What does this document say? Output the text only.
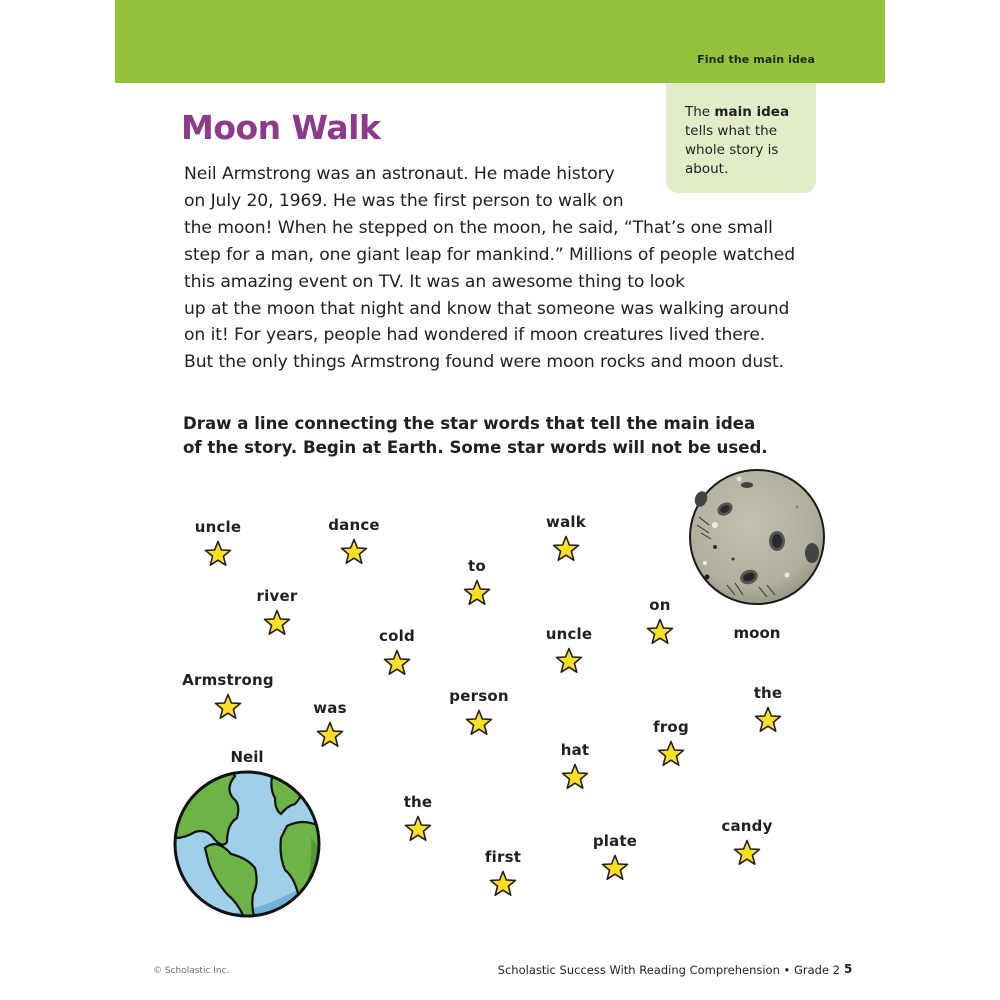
Find the main idea
The main idea
tells what the
whole story is
about.
Moon Walk
Neil Armstrong was an astronaut. He made history
on July 20, 1969. He was the first person to walk on
the moon! When he stepped on the moon, he said, “That’s one small
step for a man, one giant leap for mankind.” Millions of people watched
this amazing event on TV. It was an awesome thing to look
up at the moon that night and know that someone was walking around
on it! For years, people had wondered if moon creatures lived there.
But the only things Armstrong found were moon rocks and moon dust.
Draw a line connecting the star words that tell the main idea
of the story. Begin at Earth. Some star words will not be used.
moon
Neil
uncle	dance
to
walk
river
cold	uncle
on
Armstrong
was
person	the
frog
hat
the
first
plate
candy
© Scholastic Inc.	Scholastic Success With Reading Comprehension • Grade 2 5
